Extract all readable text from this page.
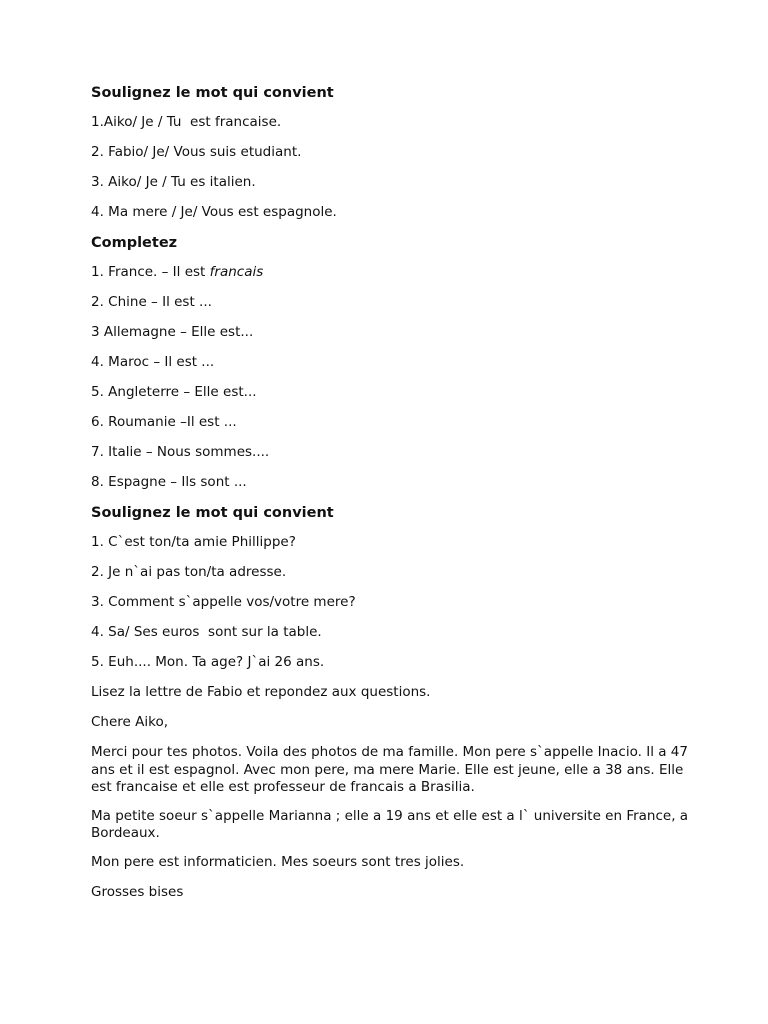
Soulignez le mot qui convient
1.Aiko/ Je / Tu  est francaise.
2. Fabio/ Je/ Vous suis etudiant.
3. Aiko/ Je / Tu es italien.
4. Ma mere / Je/ Vous est espagnole.
Completez
1. France. – Il est francais
2. Chine – Il est ...
3 Allemagne – Elle est...
4. Maroc – Il est ...
5. Angleterre – Elle est...
6. Roumanie –Il est ...
7. Italie – Nous sommes....
8. Espagne – Ils sont ...
Soulignez le mot qui convient
1. C`est ton/ta amie Phillippe?
2. Je n`ai pas ton/ta adresse.
3. Comment s`appelle vos/votre mere?
4. Sa/ Ses euros  sont sur la table.
5. Euh.... Mon. Ta age? J`ai 26 ans.
Lisez la lettre de Fabio et repondez aux questions.
Chere Aiko,
Merci pour tes photos. Voila des photos de ma famille. Mon pere s`appelle Inacio. Il a 47 ans et il est espagnol. Avec mon pere, ma mere Marie. Elle est jeune, elle a 38 ans. Elle est francaise et elle est professeur de francais a Brasilia.
Ma petite soeur s`appelle Marianna ; elle a 19 ans et elle est a l` universite en France, a Bordeaux.
Mon pere est informaticien. Mes soeurs sont tres jolies.
Grosses bises
